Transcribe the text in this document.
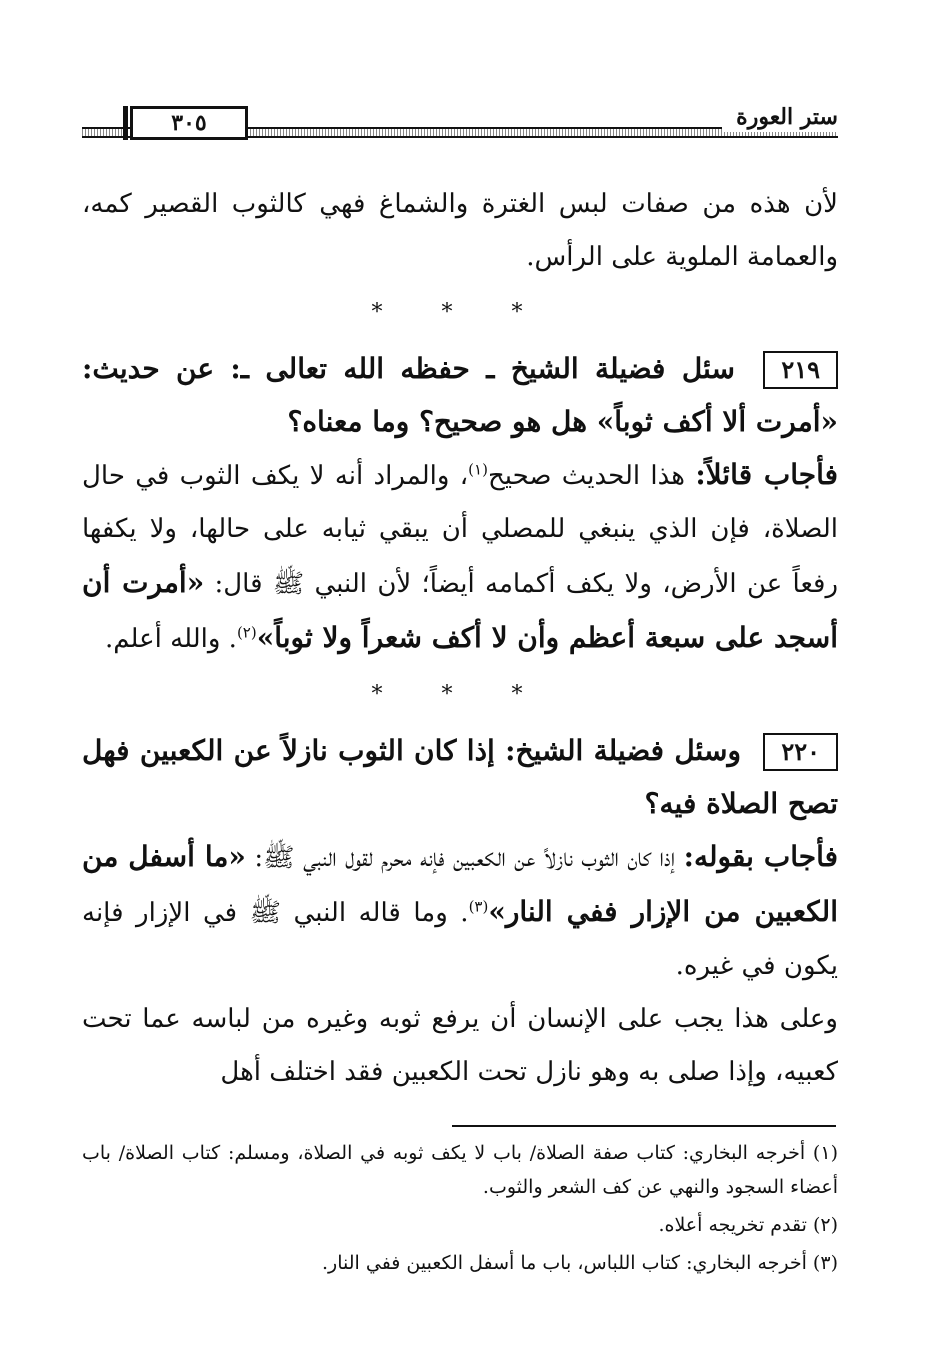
٣٠٥	ستر العورة

لأن هذه من صفات لبس الغترة والشماغ فهي كالثوب القصير كمه، والعمامة الملوية على الرأس.

* * *

٢١٩ سئل فضيلة الشيخ ـ حفظه الله تعالى ـ: عن حديث: «أمرت ألا أكف ثوباً» هل هو صحيح؟ وما معناه؟

فأجاب قائلاً: هذا الحديث صحيح$^{(١)}$، والمراد أنه لا يكف الثوب في حال الصلاة، فإن الذي ينبغي للمصلي أن يبقي ثيابه على حالها، ولا يكفها رفعاً عن الأرض، ولا يكف أكمامه أيضاً؛ لأن النبي ﷺ قال: «أمرت أن أسجد على سبعة أعظم وأن لا أكف شعراً ولا ثوباً»$^{(٢)}$. والله أعلم.

* * *

٢٢٠ وسئل فضيلة الشيخ: إذا كان الثوب نازلاً عن الكعبين فهل تصح الصلاة فيه؟

فأجاب بقوله: إذا كان الثوب نازلاً عن الكعبين فإنه محرم لقول النبي ﷺ: «ما أسفل من الكعبين من الإزار ففي النار»$^{(٣)}$. وما قاله النبي ﷺ في الإزار فإنه يكون في غيره.

وعلى هذا يجب على الإنسان أن يرفع ثوبه وغيره من لباسه عما تحت كعبيه، وإذا صلى به وهو نازل تحت الكعبين فقد اختلف أهل

(١) أخرجه البخاري: كتاب صفة الصلاة/ باب لا يكف ثوبه في الصلاة، ومسلم: كتاب الصلاة/ باب أعضاء السجود والنهي عن كف الشعر والثوب.

(٢) تقدم تخريجه أعلاه.

(٣) أخرجه البخاري: كتاب اللباس، باب ما أسفل الكعبين ففي النار.
